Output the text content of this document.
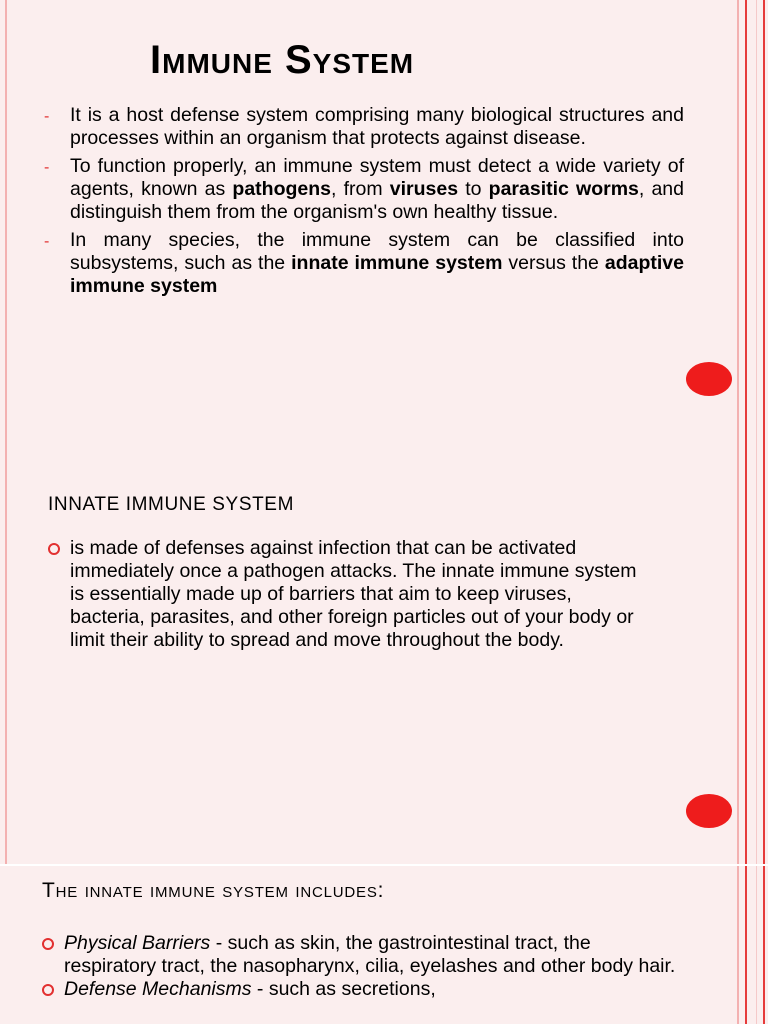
Immune System
- It is a host defense system comprising many biological structures and processes within an organism that protects against disease.
- To function properly, an immune system must detect a wide variety of agents, known as pathogens, from viruses to parasitic worms, and distinguish them from the organism's own healthy tissue.
- In many species, the immune system can be classified into subsystems, such as the innate immune system versus the adaptive immune system
INNATE IMMUNE SYSTEM
is made of defenses against infection that can be activated immediately once a pathogen attacks. The innate immune system is essentially made up of barriers that aim to keep viruses, bacteria, parasites, and other foreign particles out of your body or limit their ability to spread and move throughout the body.
The innate immune system includes:
Physical Barriers - such as skin, the gastrointestinal tract, the respiratory tract, the nasopharynx, cilia, eyelashes and other body hair.
Defense Mechanisms - such as secretions,
